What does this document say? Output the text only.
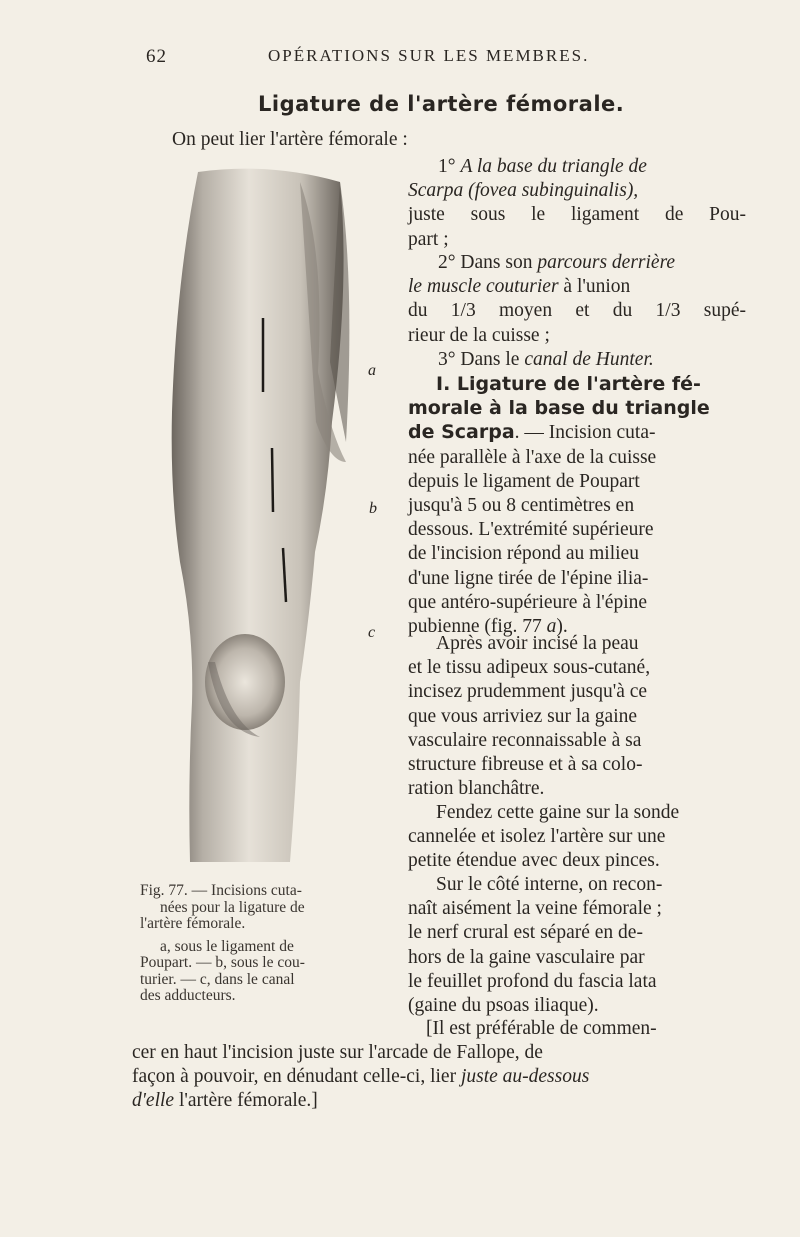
62	OPÉRATIONS SUR LES MEMBRES.
Ligature de l'artère fémorale.
On peut lier l'artère fémorale :
1° A la base du triangle de
Scarpa (fovea subinguinalis),
juste sous le ligament de Pou-
part ;
2° Dans son parcours derrière
le muscle couturier à l'union
du 1/3 moyen et du 1/3 supé-
rieur de la cuisse ;
3° Dans le canal de Hunter.
I. Ligature de l'artère fé-
morale à la base du triangle
de Scarpa. — Incision cuta-
née parallèle à l'axe de la cuisse
depuis le ligament de Poupart
jusqu'à 5 ou 8 centimètres en
dessous. L'extrémité supérieure
de l'incision répond au milieu
d'une ligne tirée de l'épine ilia-
que antéro-supérieure à l'épine
pubienne (fig. 77 a).
Après avoir incisé la peau
et le tissu adipeux sous-cutané,
incisez prudemment jusqu'à ce
que vous arriviez sur la gaine
vasculaire reconnaissable à sa
structure fibreuse et à sa colo-
ration blanchâtre.
Fendez cette gaine sur la sonde
cannelée et isolez l'artère sur une
petite étendue avec deux pinces.
Sur le côté interne, on recon-
naît aisément la veine fémorale ;
le nerf crural est séparé en de-
hors de la gaine vasculaire par
le feuillet profond du fascia lata
(gaine du psoas iliaque).
[Il est préférable de commen-
cer en haut l'incision juste sur l'arcade de Fallope, de
façon à pouvoir, en dénudant celle-ci, lier juste au-dessous
d'elle l'artère fémorale.]
a
b
c
Fig. 77. — Incisions cuta-
nées pour la ligature de
l'artère fémorale.
a, sous le ligament de
Poupart. — b, sous le cou-
turier. — c, dans le canal
des adducteurs.
